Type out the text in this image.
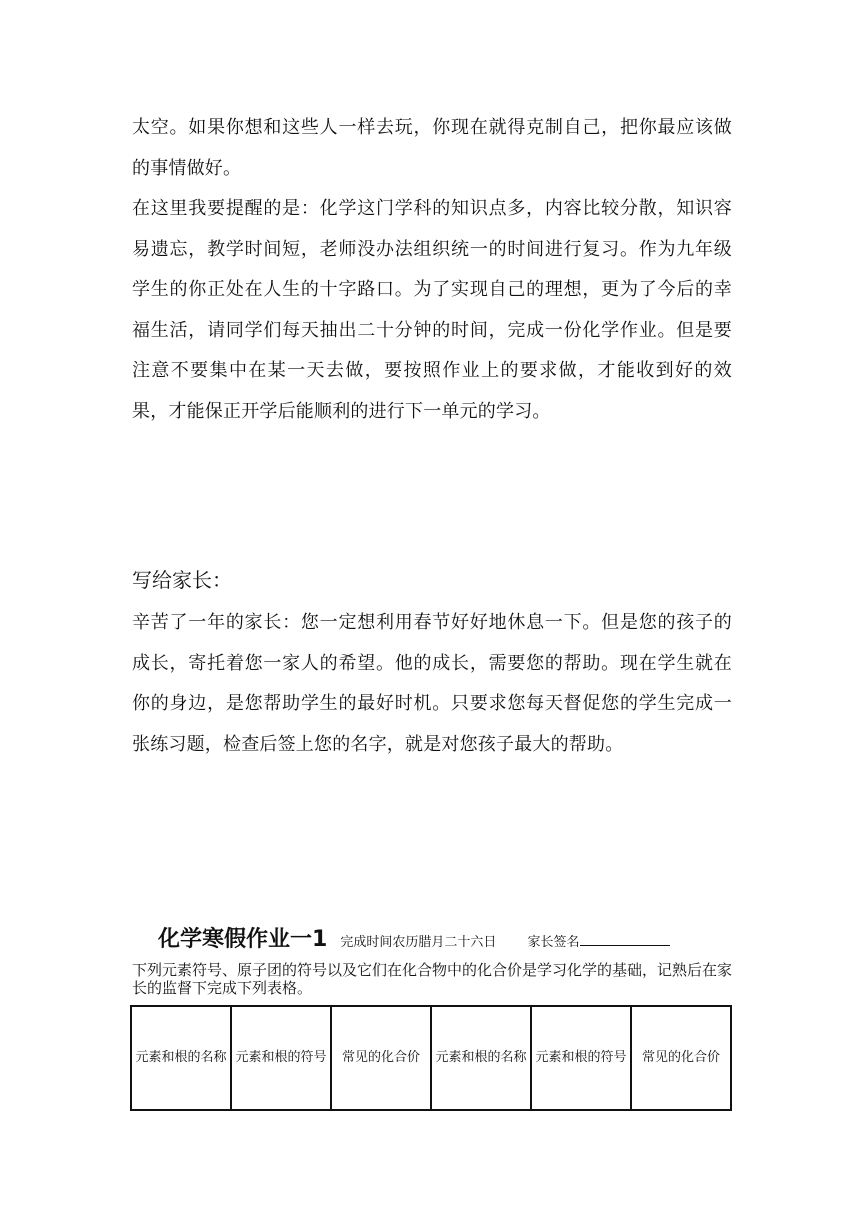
太空。如果你想和这些人一样去玩，你现在就得克制自己，把你最应该做的事情做好。

在这里我要提醒的是：化学这门学科的知识点多，内容比较分散，知识容易遗忘，教学时间短，老师没办法组织统一的时间进行复习。作为九年级学生的你正处在人生的十字路口。为了实现自己的理想，更为了今后的幸福生活，请同学们每天抽出二十分钟的时间，完成一份化学作业。但是要注意不要集中在某一天去做，要按照作业上的要求做，才能收到好的效果，才能保正开学后能顺利的进行下一单元的学习。

写给家长：

辛苦了一年的家长：您一定想利用春节好好地休息一下。但是您的孩子的成长，寄托着您一家人的希望。他的成长，需要您的帮助。现在学生就在你的身边，是您帮助学生的最好时机。只要求您每天督促您的学生完成一张练习题，检查后签上您的名字，就是对您孩子最大的帮助。

化学寒假作业一1 完成时间农历腊月二十六日 家长签名

下列元素符号、原子团的符号以及它们在化合物中的化合价是学习化学的基础，记熟后在家长的监督下完成下列表格。

元素和根的名称	元素和根的符号	常见的化合价	元素和根的名称	元素和根的符号	常见的化合价
